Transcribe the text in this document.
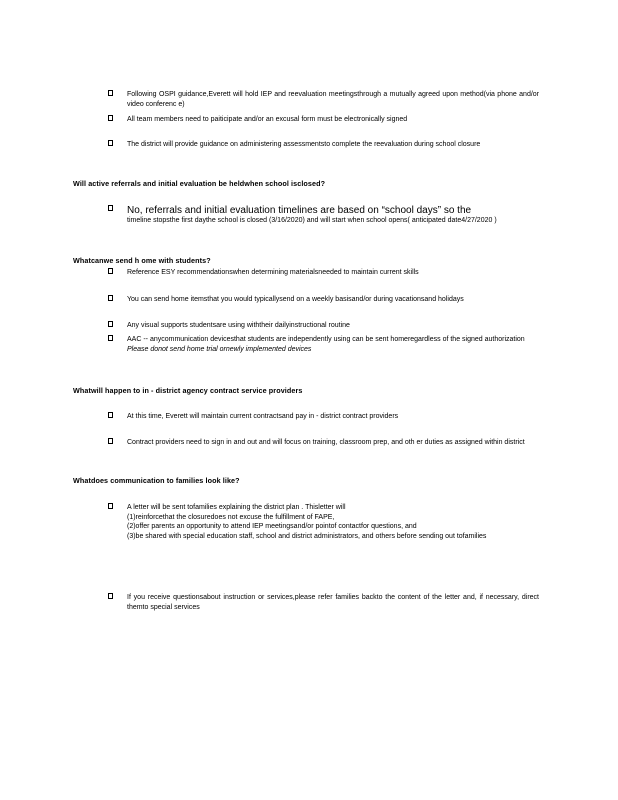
Following OSPI guidance,Everett will hold IEP and reevaluation meetingsthrough a mutually agreed upon method(via phone and/or video conferenc e)
All team members need to paiticipate and/or an excusal form must be electronically signed
The district will provide guidance on administering assessmentsto complete the reevaluation during school closure
Will active referrals and initial evaluation be heldwhen school isclosed?
No, referrals and initial evaluation timelines are based on “school days” so the
timeline stopsthe first daythe school is closed (3/16/2020) and will start when school opens( anticipated date4/27/2020 )
Whatcanwe send h ome with students?
Reference ESY recommendationswhen determining materialsneeded to maintain current skills
You can send home itemsthat you would typicallysend on a weekly basisand/or during vacationsand holidays
Any visual supports studentsare using withtheir dailyinstructional routine
AAC -- anycommunication devicesthat students are independently using can be sent homeregardless of the signed authorization
Please donot send home trial ornewly implemented devices
Whatwill happen to in - district agency contract service providers
At this time, Everett will maintain current contractsand pay in - district contract providers
Contract providers need to sign in and out and will focus on training, classroom prep, and oth er duties as assigned within district
Whatdoes communication to families look like?
A letter will be sent tofamilies explaining the district plan . Thisletter will
(1)reinforcethat the closuredoes not excuse the fulfillment of FAPE,
(2)offer parents an opportunity to attend IEP meetingsand/or pointof contactfor questions, and
(3)be shared with special education staff, school and district administrators, and others before sending out tofamilies
If you receive questionsabout instruction or services,please refer families backto the content of the letter and, if necessary, direct themto special services
